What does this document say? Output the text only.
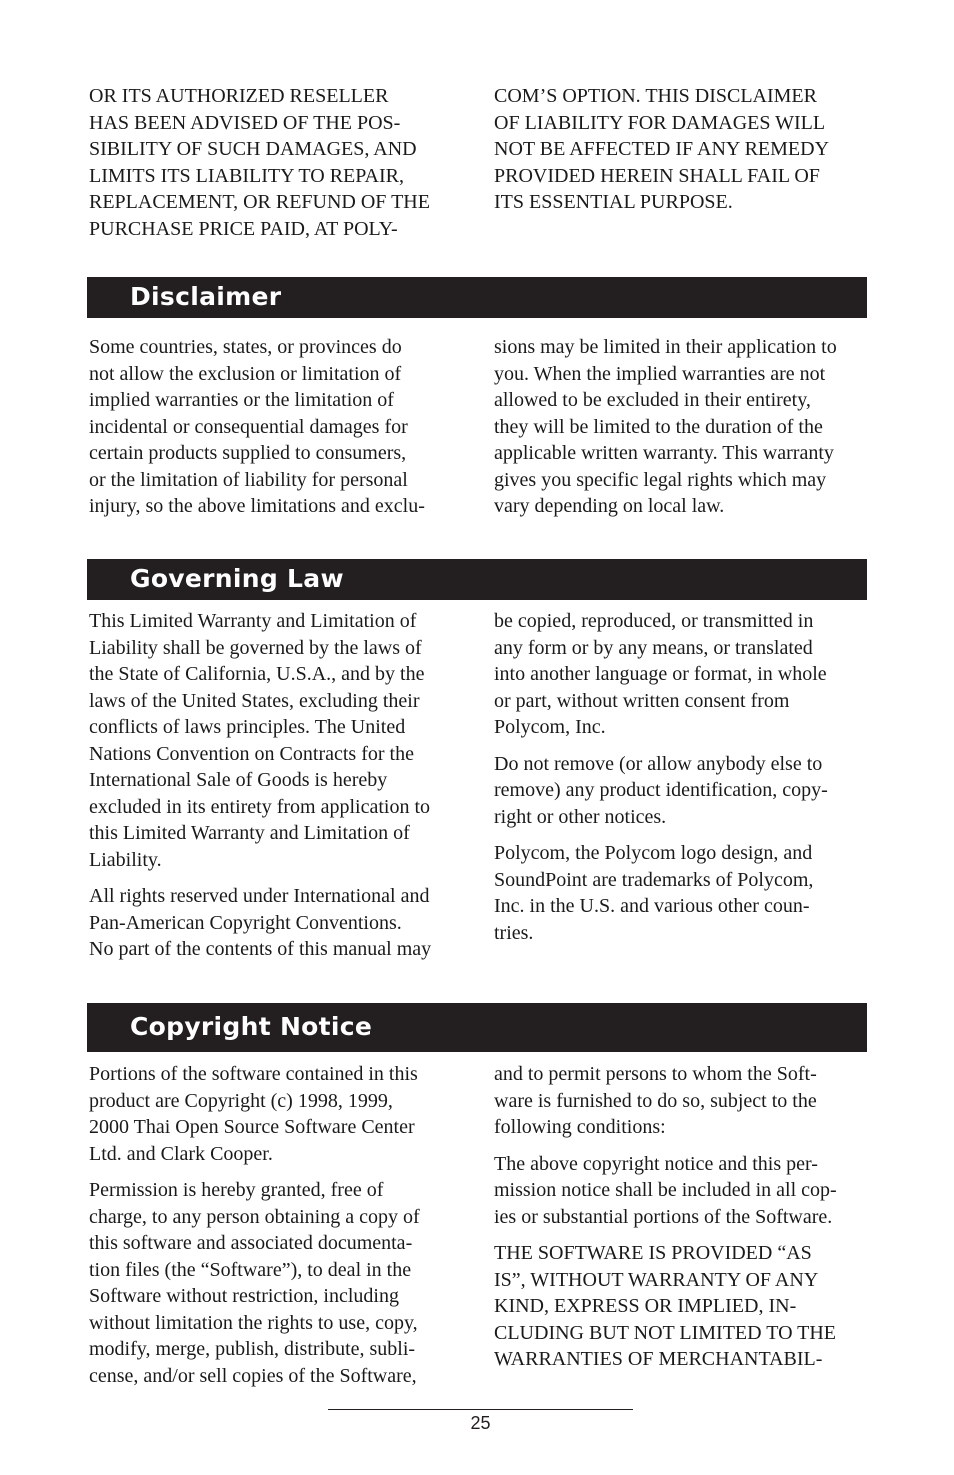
OR ITS AUTHORIZED RESELLER
HAS BEEN ADVISED OF THE POS-
SIBILITY OF SUCH DAMAGES, AND
LIMITS ITS LIABILITY TO REPAIR,
REPLACEMENT, OR REFUND OF THE
PURCHASE PRICE PAID, AT POLY-

COM’S OPTION. THIS DISCLAIMER
OF LIABILITY FOR DAMAGES WILL
NOT BE AFFECTED IF ANY REMEDY
PROVIDED HEREIN SHALL FAIL OF
ITS ESSENTIAL PURPOSE.

Disclaimer

Some countries, states, or provinces do
not allow the exclusion or limitation of
implied warranties or the limitation of
incidental or consequential damages for
certain products supplied to consumers,
or the limitation of liability for personal
injury, so the above limitations and exclu-

sions may be limited in their application to
you. When the implied warranties are not
allowed to be excluded in their entirety,
they will be limited to the duration of the
applicable written warranty. This warranty
gives you specific legal rights which may
vary depending on local law.

Governing Law

This Limited Warranty and Limitation of
Liability shall be governed by the laws of
the State of California, U.S.A., and by the
laws of the United States, excluding their
conflicts of laws principles. The United
Nations Convention on Contracts for the
International Sale of Goods is hereby
excluded in its entirety from application to
this Limited Warranty and Limitation of
Liability.

All rights reserved under International and
Pan-American Copyright Conventions.
No part of the contents of this manual may

be copied, reproduced, or transmitted in
any form or by any means, or translated
into another language or format, in whole
or part, without written consent from
Polycom, Inc.

Do not remove (or allow anybody else to
remove) any product identification, copy-
right or other notices.

Polycom, the Polycom logo design, and
SoundPoint are trademarks of Polycom,
Inc. in the U.S. and various other coun-
tries.

Copyright Notice

Portions of the software contained in this
product are Copyright (c) 1998, 1999,
2000 Thai Open Source Software Center
Ltd. and Clark Cooper.

Permission is hereby granted, free of
charge, to any person obtaining a copy of
this software and associated documenta-
tion files (the “Software”), to deal in the
Software without restriction, including
without limitation the rights to use, copy,
modify, merge, publish, distribute, subli-
cense, and/or sell copies of the Software,

and to permit persons to whom the Soft-
ware is furnished to do so, subject to the
following conditions:

The above copyright notice and this per-
mission notice shall be included in all cop-
ies or substantial portions of the Software.

THE SOFTWARE IS PROVIDED “AS
IS”, WITHOUT WARRANTY OF ANY
KIND, EXPRESS OR IMPLIED, IN-
CLUDING BUT NOT LIMITED TO THE
WARRANTIES OF MERCHANTABIL-

25
